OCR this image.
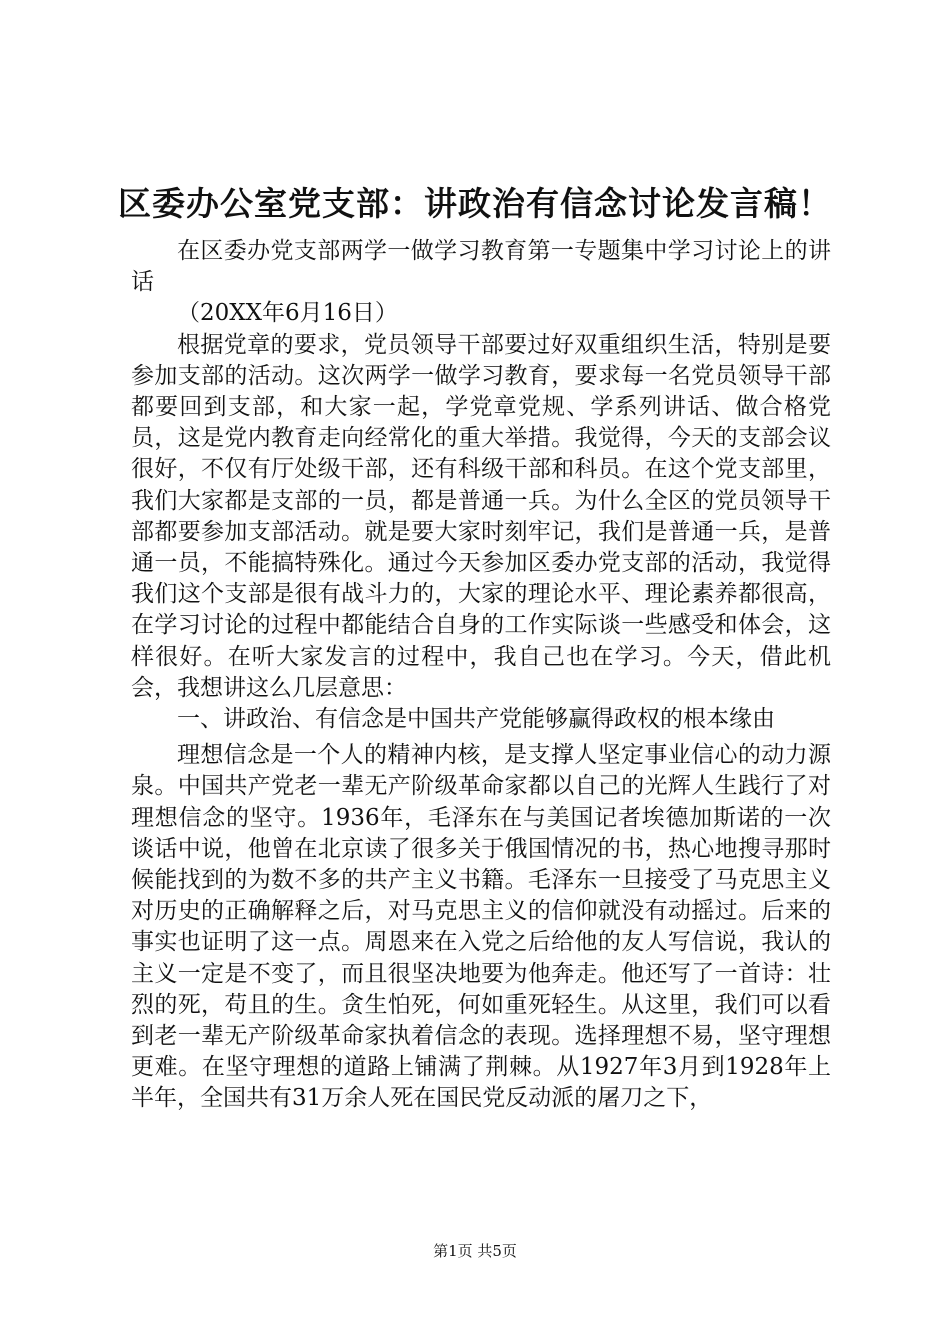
区委办公室党支部：讲政治有信念讨论发言稿！

在区委办党支部两学一做学习教育第一专题集中学习讨论上的讲话

（20XX年6月16日）

根据党章的要求，党员领导干部要过好双重组织生活，特别是要参加支部的活动。这次两学一做学习教育，要求每一名党员领导干部都要回到支部，和大家一起，学党章党规、学系列讲话、做合格党员，这是党内教育走向经常化的重大举措。我觉得，今天的支部会议很好，不仅有厅处级干部，还有科级干部和科员。在这个党支部里，我们大家都是支部的一员，都是普通一兵。为什么全区的党员领导干部都要参加支部活动。就是要大家时刻牢记，我们是普通一兵，是普通一员，不能搞特殊化。通过今天参加区委办党支部的活动，我觉得我们这个支部是很有战斗力的，大家的理论水平、理论素养都很高，在学习讨论的过程中都能结合自身的工作实际谈一些感受和体会，这样很好。在听大家发言的过程中，我自己也在学习。今天，借此机会，我想讲这么几层意思：

一、讲政治、有信念是中国共产党能够赢得政权的根本缘由

理想信念是一个人的精神内核，是支撑人坚定事业信心的动力源泉。中国共产党老一辈无产阶级革命家都以自己的光辉人生践行了对理想信念的坚守。1936年，毛泽东在与美国记者埃德加斯诺的一次谈话中说，他曾在北京读了很多关于俄国情况的书，热心地搜寻那时候能找到的为数不多的共产主义书籍。毛泽东一旦接受了马克思主义对历史的正确解释之后，对马克思主义的信仰就没有动摇过。后来的事实也证明了这一点。周恩来在入党之后给他的友人写信说，我认的主义一定是不变了，而且很坚决地要为他奔走。他还写了一首诗：壮烈的死，苟且的生。贪生怕死，何如重死轻生。从这里，我们可以看到老一辈无产阶级革命家执着信念的表现。选择理想不易，坚守理想更难。在坚守理想的道路上铺满了荆棘。从1927年3月到1928年上半年，全国共有31万余人死在国民党反动派的屠刀之下，

第1页 共5页
